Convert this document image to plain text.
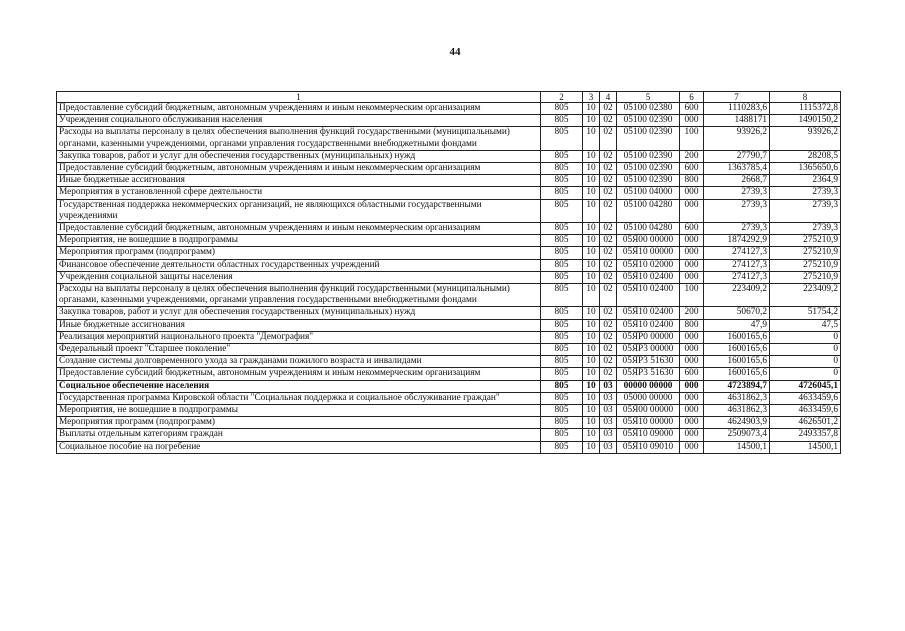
44
1	2	3	4	5	6	7	8
Предоставление субсидий бюджетным, автономным учреждениям и иным некоммерческим организациям	805	10	02	05100 02380	600	1110283,6	1115372,8
Учреждения социального обслуживания населения	805	10	02	05100 02390	000	1488171	1490150,2
Расходы на выплаты персоналу в целях обеспечения выполнения функций государственными (муниципальными) органами, казенными учреждениями, органами управления государственными внебюджетными фондами	805	10	02	05100 02390	100	93926,2	93926,2
Закупка товаров, работ и услуг для обеспечения государственных (муниципальных) нужд	805	10	02	05100 02390	200	27790,7	28208,5
Предоставление субсидий бюджетным, автономным учреждениям и иным некоммерческим организациям	805	10	02	05100 02390	600	1363785,4	1365650,6
Иные бюджетные ассигнования	805	10	02	05100 02390	800	2668,7	2364,9
Мероприятия в установленной сфере деятельности	805	10	02	05100 04000	000	2739,3	2739,3
Государственная поддержка некоммерческих организаций, не являющихся областными государственными учреждениями	805	10	02	05100 04280	000	2739,3	2739,3
Предоставление субсидий бюджетным, автономным учреждениям и иным некоммерческим организациям	805	10	02	05100 04280	600	2739,3	2739,3
Мероприятия, не вошедшие в подпрограммы	805	10	02	05Я00 00000	000	1874292,9	275210,9
Мероприятия программ (подпрограмм)	805	10	02	05Я10 00000	000	274127,3	275210,9
Финансовое обеспечение деятельности областных государственных учреждений	805	10	02	05Я10 02000	000	274127,3	275210,9
Учреждения социальной защиты населения	805	10	02	05Я10 02400	000	274127,3	275210,9
Расходы на выплаты персоналу в целях обеспечения выполнения функций государственными (муниципальными) органами, казенными учреждениями, органами управления государственными внебюджетными фондами	805	10	02	05Я10 02400	100	223409,2	223409,2
Закупка товаров, работ и услуг для обеспечения государственных (муниципальных) нужд	805	10	02	05Я10 02400	200	50670,2	51754,2
Иные бюджетные ассигнования	805	10	02	05Я10 02400	800	47,9	47,5
Реализация мероприятий национального проекта "Демография"	805	10	02	05ЯР0 00000	000	1600165,6	0
Федеральный проект "Старшее поколение"	805	10	02	05ЯР3 00000	000	1600165,6	0
Создание системы долговременного ухода за гражданами пожилого возраста и инвалидами	805	10	02	05ЯР3 51630	000	1600165,6	0
Предоставление субсидий бюджетным, автономным учреждениям и иным некоммерческим организациям	805	10	02	05ЯР3 51630	600	1600165,6	0
Социальное обеспечение населения	805	10	03	00000 00000	000	4723894,7	4726045,1
Государственная программа Кировской области "Социальная поддержка и социальное обслуживание граждан"	805	10	03	05000 00000	000	4631862,3	4633459,6
Мероприятия, не вошедшие в подпрограммы	805	10	03	05Я00 00000	000	4631862,3	4633459,6
Мероприятия программ (подпрограмм)	805	10	03	05Я10 00000	000	4624903,9	4626501,2
Выплаты отдельным категориям граждан	805	10	03	05Я10 09000	000	2509073,4	2493357,8
Социальное пособие на погребение	805	10	03	05Я10 09010	000	14500,1	14500,1
